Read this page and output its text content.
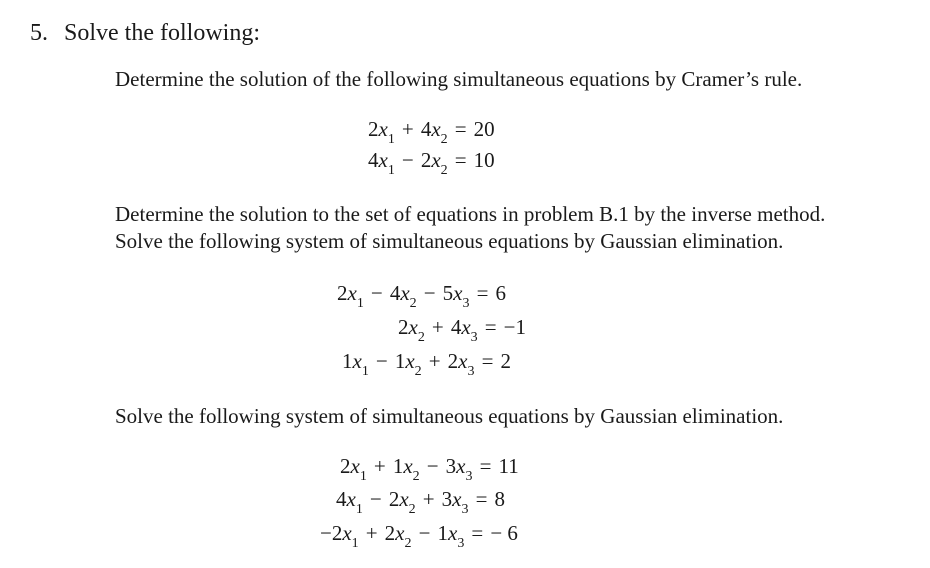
5. Solve the following:
Determine the solution of the following simultaneous equations by Cramer’s rule.
$2x_1 + 4x_2 = 20$
$4x_1 - 2x_2 = 10$
Determine the solution to the set of equations in problem B.1 by the inverse method.
Solve the following system of simultaneous equations by Gaussian elimination.
$2x_1 - 4x_2 - 5x_3 = 6$
$2x_2 + 4x_3 = -1$
$1x_1 - 1x_2 + 2x_3 = 2$
Solve the following system of simultaneous equations by Gaussian elimination.
$2x_1 + 1x_2 - 3x_3 = 11$
$4x_1 - 2x_2 + 3x_3 = 8$
$-2x_1 + 2x_2 - 1x_3$ = − 6
